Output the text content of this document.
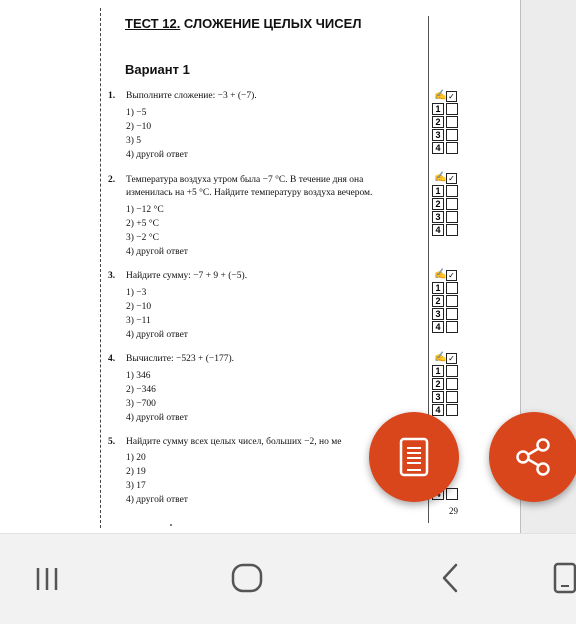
ТЕСТ 12. СЛОЖЕНИЕ ЦЕЛЫХ ЧИСЕЛ
Вариант 1
1. Выполните сложение: −3 + (−7).
1) −5
2) −10
3) 5
4) другой ответ
2. Температура воздуха утром была −7 °С. В течение дня она
изменилась на +5 °С. Найдите температуру воздуха вечером.
1) −12 °С
2) +5 °С
3) −2 °С
4) другой ответ
3. Найдите сумму: −7 + 9 + (−5).
1) −3
2) −10
3) −11
4) другой ответ
4. Вычислите: −523 + (−177).
1) 346
2) −346
3) −700
4) другой ответ
5. Найдите сумму всех целых чисел, больших −2, но ме
1) 20
2) 19
3) 17
4) другой ответ
✍ ✓
1
2
3
4
✍ ✓
1
2
3
4
✍ ✓
1
2
3
4
✍ ✓
1
2
3
4
29
